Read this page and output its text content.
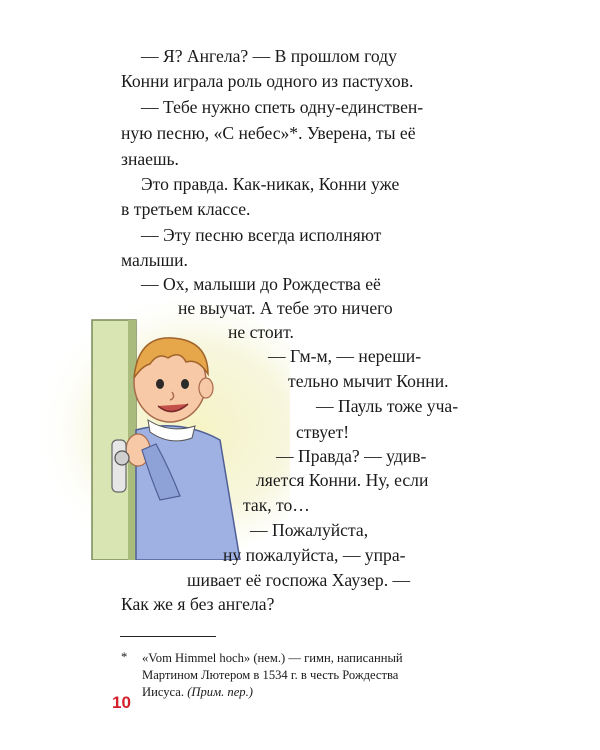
— Я? Ангела? — В прошлом году
Конни играла роль одного из пастухов.
— Тебе нужно спеть одну-единствен-
ную песню, «С небес»*. Уверена, ты её
знаешь.
Это правда. Как-никак, Конни уже
в третьем классе.
— Эту песню всегда исполняют
малыши.
— Ох, малыши до Рождества её
не выучат. А тебе это ничего
не стоит.
— Гм-м, — нереши-
тельно мычит Конни.
— Пауль тоже уча-
ствует!
— Правда? — удив-
ляется Конни. Ну, если
так, то…
— Пожалуйста,
ну пожалуйста, — упра-
шивает её госпожа Хаузер. —
Как же я без ангела?
* «Vom Himmel hoch» (нем.) — гимн, написанный
Мартином Лютером в 1534 г. в честь Рождества
Иисуса. (Прим. пер.)
10
